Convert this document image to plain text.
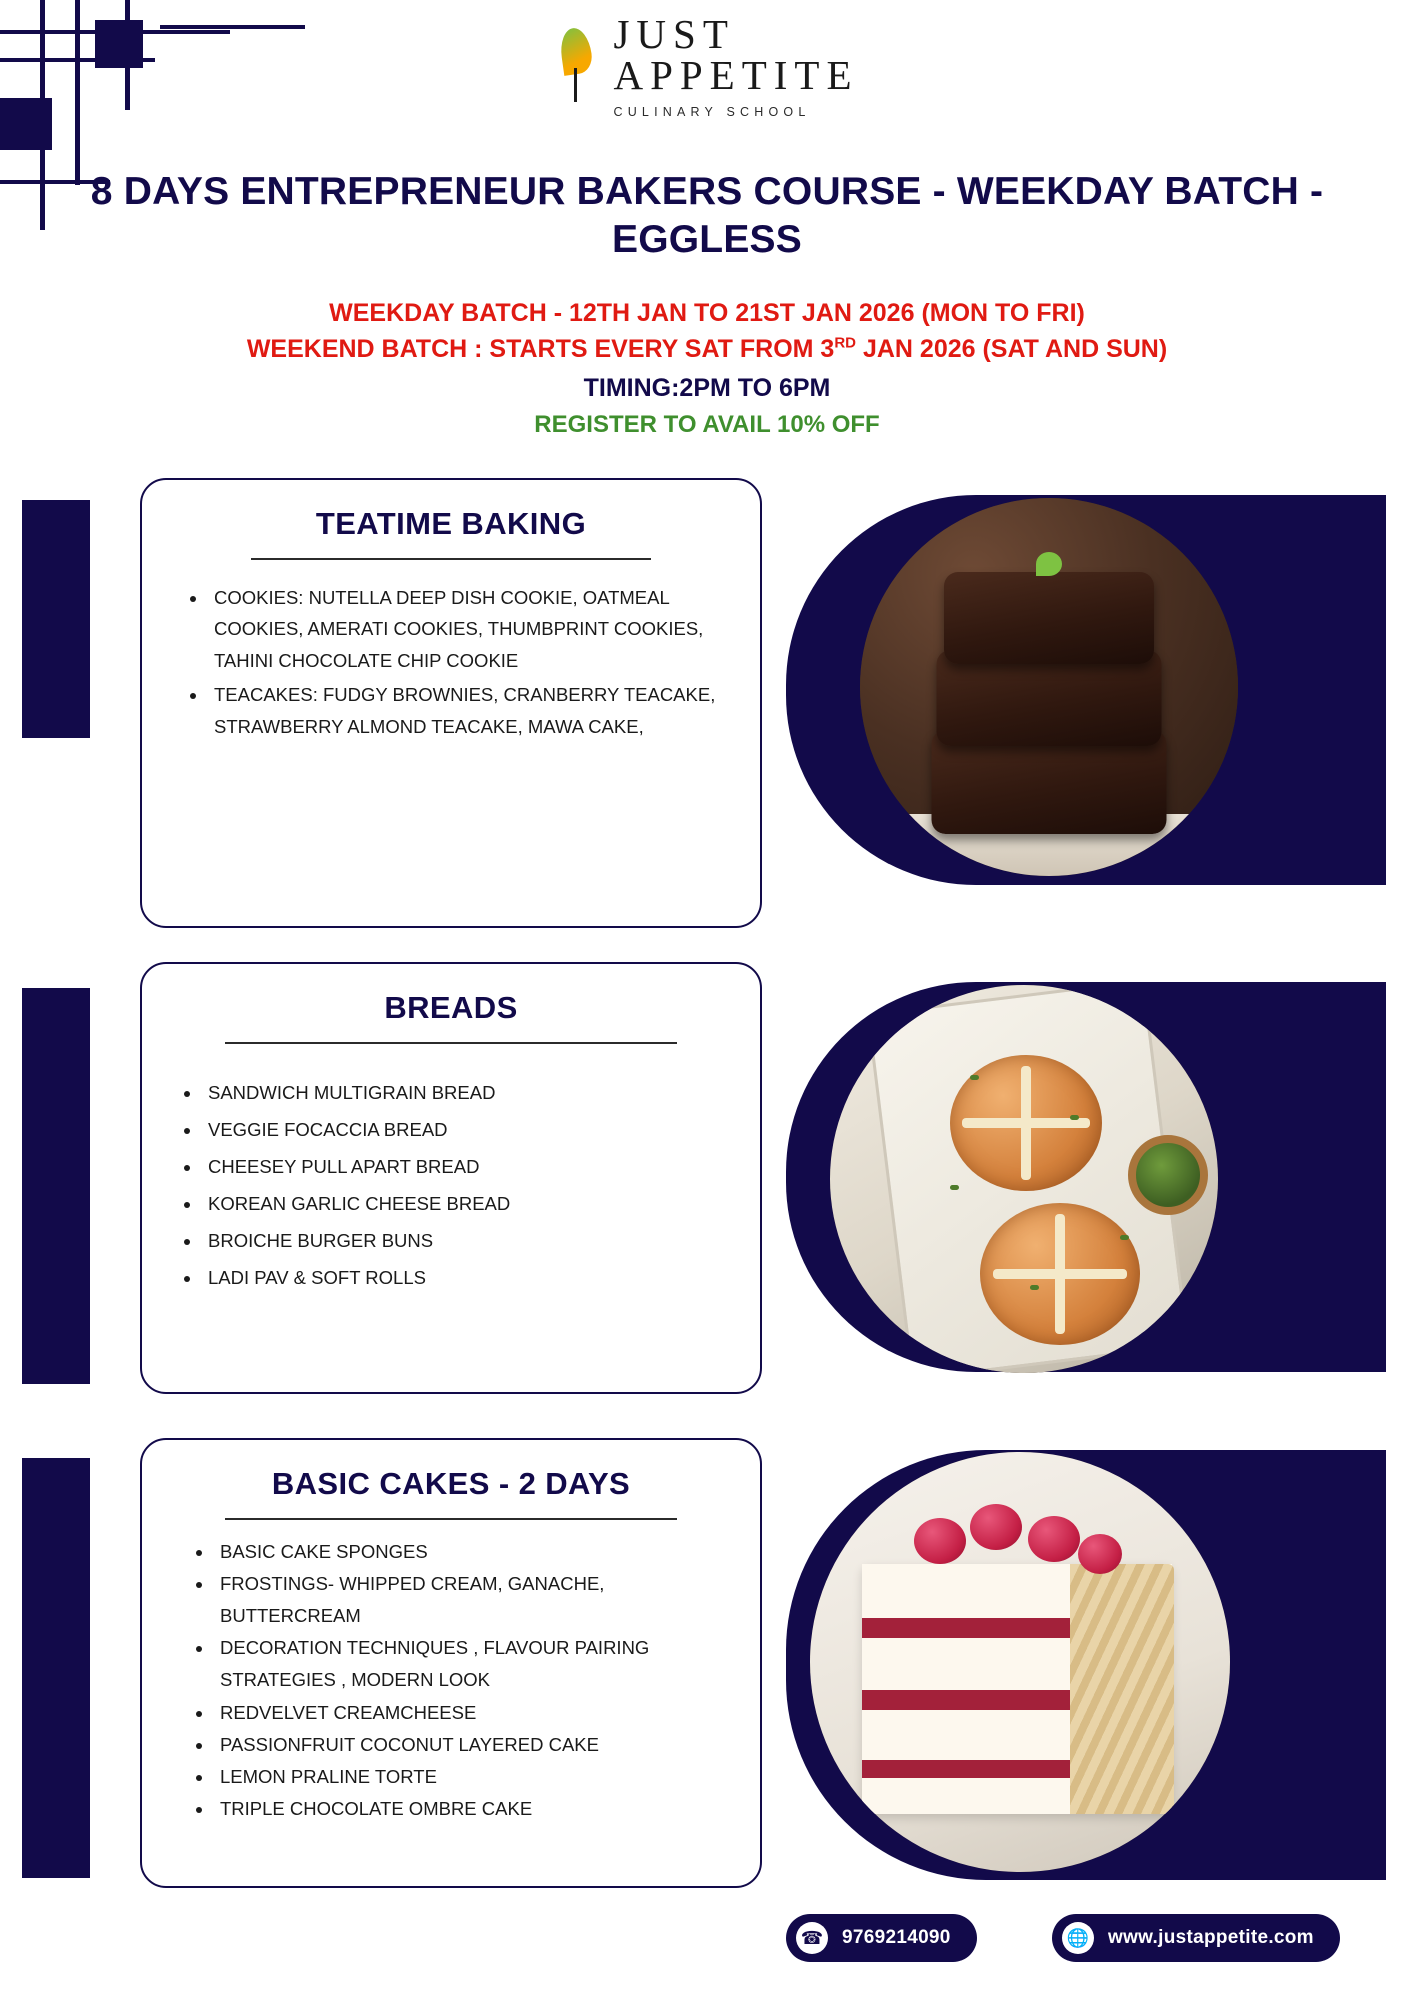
JUST
APPETITE
CULINARY SCHOOL
8 DAYS ENTREPRENEUR BAKERS COURSE - WEEKDAY BATCH - EGGLESS
WEEKDAY BATCH - 12TH JAN TO 21ST JAN 2026 (MON TO FRI)
WEEKEND BATCH : STARTS EVERY SAT FROM 3RD JAN 2026 (SAT AND SUN)
TIMING:2PM TO 6PM
REGISTER TO AVAIL 10% OFF
TEATIME BAKING
• COOKIES: NUTELLA DEEP DISH COOKIE, OATMEAL COOKIES, AMERATI COOKIES, THUMBPRINT COOKIES, TAHINI CHOCOLATE CHIP COOKIE
• TEACAKES: FUDGY BROWNIES, CRANBERRY TEACAKE, STRAWBERRY ALMOND TEACAKE, MAWA CAKE,
BREADS
• SANDWICH MULTIGRAIN BREAD
• VEGGIE FOCACCIA BREAD
• CHEESEY PULL APART BREAD
• KOREAN GARLIC CHEESE BREAD
• BROICHE BURGER BUNS
• LADI PAV & SOFT ROLLS
BASIC CAKES - 2 DAYS
• BASIC CAKE SPONGES
• FROSTINGS- WHIPPED CREAM, GANACHE, BUTTERCREAM
• DECORATION TECHNIQUES , FLAVOUR PAIRING STRATEGIES , MODERN LOOK
• REDVELVET CREAMCHEESE
• PASSIONFRUIT COCONUT LAYERED CAKE
• LEMON PRALINE TORTE
• TRIPLE CHOCOLATE OMBRE CAKE
☎ 9769214090	🌐 www.justappetite.com
